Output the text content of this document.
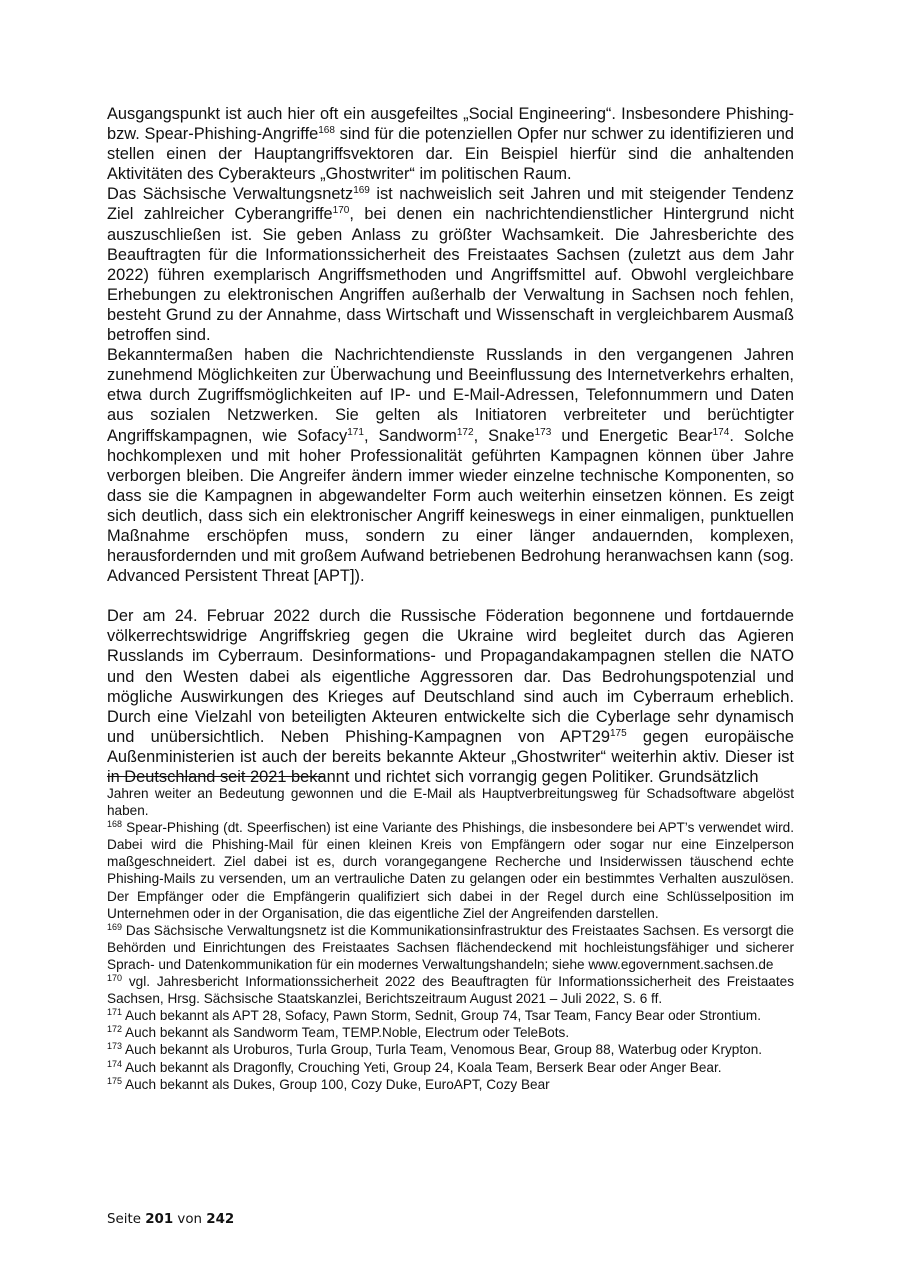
Ausgangspunkt ist auch hier oft ein ausgefeiltes „Social Engineering“. Insbesondere Phishing- bzw. Spear-Phishing-Angriffe$^{168}$ sind für die potenziellen Opfer nur schwer zu identifizieren und stellen einen der Hauptangriffsvektoren dar. Ein Beispiel hierfür sind die anhaltenden Aktivitäten des Cyberakteurs „Ghostwriter“ im politischen Raum.

Das Sächsische Verwaltungsnetz$^{169}$ ist nachweislich seit Jahren und mit steigender Tendenz Ziel zahlreicher Cyberangriffe$^{170}$, bei denen ein nachrichtendienstlicher Hintergrund nicht auszuschließen ist. Sie geben Anlass zu größter Wachsamkeit. Die Jahresberichte des Beauftragten für die Informationssicherheit des Freistaates Sachsen (zuletzt aus dem Jahr 2022) führen exemplarisch Angriffsmethoden und Angriffsmittel auf. Obwohl vergleichbare Erhebungen zu elektronischen Angriffen außerhalb der Verwaltung in Sachsen noch fehlen, besteht Grund zu der Annahme, dass Wirtschaft und Wissenschaft in vergleichbarem Ausmaß betroffen sind.

Bekanntermaßen haben die Nachrichtendienste Russlands in den vergangenen Jahren zunehmend Möglichkeiten zur Überwachung und Beeinflussung des Internetverkehrs erhalten, etwa durch Zugriffsmöglichkeiten auf IP- und E-Mail-Adressen, Telefonnummern und Daten aus sozialen Netzwerken. Sie gelten als Initiatoren verbreiteter und berüchtigter Angriffskampagnen, wie Sofacy$^{171}$, Sandworm$^{172}$, Snake$^{173}$ und Energetic Bear$^{174}$. Solche hochkomplexen und mit hoher Professionalität geführten Kampagnen können über Jahre verborgen bleiben. Die Angreifer ändern immer wieder einzelne technische Komponenten, so dass sie die Kampagnen in abgewandelter Form auch weiterhin einsetzen können. Es zeigt sich deutlich, dass sich ein elektronischer Angriff keineswegs in einer einmaligen, punktuellen Maßnahme erschöpfen muss, sondern zu einer länger andauernden, komplexen, herausfordernden und mit großem Aufwand betriebenen Bedrohung heranwachsen kann (sog. Advanced Persistent Threat [APT]).

Der am 24. Februar 2022 durch die Russische Föderation begonnene und fortdauernde völkerrechtswidrige Angriffskrieg gegen die Ukraine wird begleitet durch das Agieren Russlands im Cyberraum. Desinformations- und Propagandakampagnen stellen die NATO und den Westen dabei als eigentliche Aggressoren dar. Das Bedrohungspotenzial und mögliche Auswirkungen des Krieges auf Deutschland sind auch im Cyberraum erheblich. Durch eine Vielzahl von beteiligten Akteuren entwickelte sich die Cyberlage sehr dynamisch und unübersichtlich. Neben Phishing-Kampagnen von $APT29^{175}$ gegen europäische Außenministerien ist auch der bereits bekannte Akteur „Ghostwriter“ weiterhin aktiv. Dieser ist in Deutschland seit 2021 bekannt und richtet sich vorrangig gegen Politiker. Grundsätzlich

Jahren weiter an Bedeutung gewonnen und die E-Mail als Hauptverbreitungsweg für Schadsoftware abgelöst haben.

$^{168}$ Spear-Phishing (dt. Speerfischen) ist eine Variante des Phishings, die insbesondere bei APT’s verwendet wird. Dabei wird die Phishing-Mail für einen kleinen Kreis von Empfängern oder sogar nur eine Einzelperson maßgeschneidert. Ziel dabei ist es, durch vorangegangene Recherche und Insiderwissen täuschend echte Phishing-Mails zu versenden, um an vertrauliche Daten zu gelangen oder ein bestimmtes Verhalten auszulösen. Der Empfänger oder die Empfängerin qualifiziert sich dabei in der Regel durch eine Schlüsselposition im Unternehmen oder in der Organisation, die das eigentliche Ziel der Angreifenden darstellen.

$^{169}$ Das Sächsische Verwaltungsnetz ist die Kommunikationsinfrastruktur des Freistaates Sachsen. Es versorgt die Behörden und Einrichtungen des Freistaates Sachsen flächendeckend mit hochleistungsfähiger und sicherer Sprach- und Datenkommunikation für ein modernes Verwaltungshandeln; siehe www.egovernment.sachsen.de

$^{170}$ vgl. Jahresbericht Informationssicherheit 2022 des Beauftragten für Informationssicherheit des Freistaates Sachsen, Hrsg. Sächsische Staatskanzlei, Berichtszeitraum August 2021 – Juli 2022, S. 6 ff.

$^{171}$ Auch bekannt als APT 28, Sofacy, Pawn Storm, Sednit, Group 74, Tsar Team, Fancy Bear oder Strontium.

$^{172}$ Auch bekannt als Sandworm Team, TEMP.Noble, Electrum oder TeleBots.

$^{173}$ Auch bekannt als Uroburos, Turla Group, Turla Team, Venomous Bear, Group 88, Waterbug oder Krypton.

$^{174}$ Auch bekannt als Dragonfly, Crouching Yeti, Group 24, Koala Team, Berserk Bear oder Anger Bear.

$^{175}$ Auch bekannt als Dukes, Group 100, Cozy Duke, EuroAPT, Cozy Bear

Seite 201 von 242
